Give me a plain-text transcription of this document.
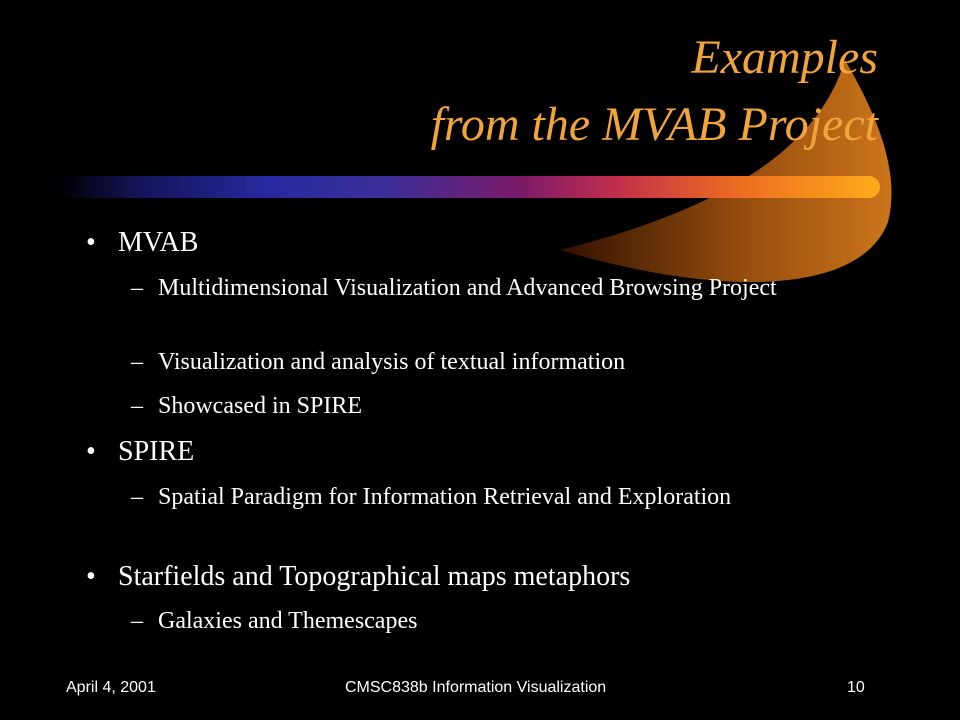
Examples
from the MVAB Project
• MVAB
– Multidimensional Visualization and Advanced Browsing Project
– Visualization and analysis of textual information
– Showcased in SPIRE
• SPIRE
– Spatial Paradigm for Information Retrieval and Exploration
• Starfields and Topographical maps metaphors
– Galaxies and Themescapes
April 4, 2001	CMSC838b Information Visualization	10
